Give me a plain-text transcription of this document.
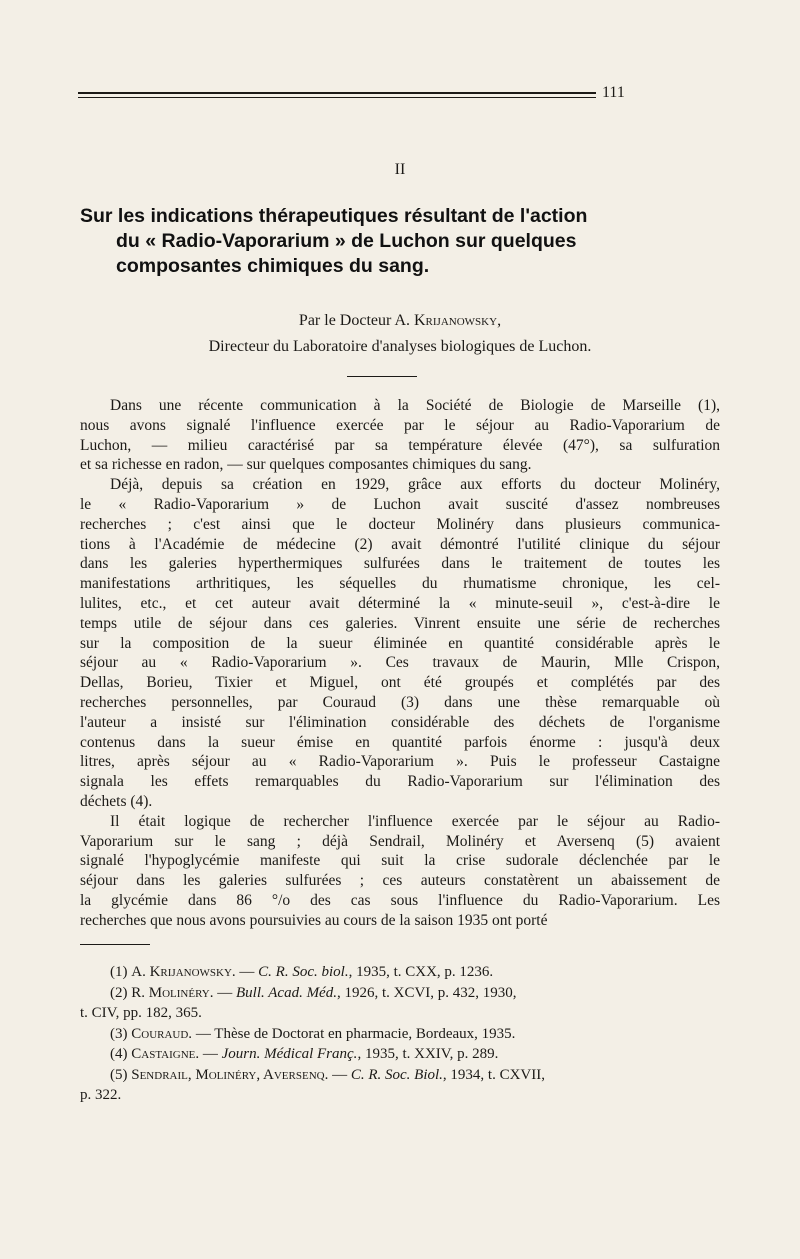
111
II
Sur les indications thérapeutiques résultant de l'action
du « Radio-Vaporarium » de Luchon sur quelques
composantes chimiques du sang.
Par le Docteur A. Krijanowsky,
Directeur du Laboratoire d'analyses biologiques de Luchon.
Dans une récente communication à la Société de Biologie de Marseille (1),
nous avons signalé l'influence exercée par le séjour au Radio-Vaporarium de
Luchon, — milieu caractérisé par sa température élevée (47°), sa sulfuration
et sa richesse en radon, — sur quelques composantes chimiques du sang.
Déjà, depuis sa création en 1929, grâce aux efforts du docteur Molinéry,
le « Radio-Vaporarium » de Luchon avait suscité d'assez nombreuses
recherches ; c'est ainsi que le docteur Molinéry dans plusieurs communica-
tions à l'Académie de médecine (2) avait démontré l'utilité clinique du séjour
dans les galeries hyperthermiques sulfurées dans le traitement de toutes les
manifestations arthritiques, les séquelles du rhumatisme chronique, les cel-
lulites, etc., et cet auteur avait déterminé la « minute-seuil », c'est-à-dire le
temps utile de séjour dans ces galeries. Vinrent ensuite une série de recherches
sur la composition de la sueur éliminée en quantité considérable après le
séjour au « Radio-Vaporarium ». Ces travaux de Maurin, Mlle Crispon,
Dellas, Borieu, Tixier et Miguel, ont été groupés et complétés par des
recherches personnelles, par Couraud (3) dans une thèse remarquable où
l'auteur a insisté sur l'élimination considérable des déchets de l'organisme
contenus dans la sueur émise en quantité parfois énorme : jusqu'à deux
litres, après séjour au « Radio-Vaporarium ». Puis le professeur Castaigne
signala les effets remarquables du Radio-Vaporarium sur l'élimination des
déchets (4).
Il était logique de rechercher l'influence exercée par le séjour au Radio-
Vaporarium sur le sang ; déjà Sendrail, Molinéry et Aversenq (5) avaient
signalé l'hypoglycémie manifeste qui suit la crise sudorale déclenchée par le
séjour dans les galeries sulfurées ; ces auteurs constatèrent un abaissement de
la glycémie dans 86 °/o des cas sous l'influence du Radio-Vaporarium. Les
recherches que nous avons poursuivies au cours de la saison 1935 ont porté
(1) A. Krijanowsky. — C. R. Soc. biol., 1935, t. CXX, p. 1236.
(2) R. Molinéry. — Bull. Acad. Méd., 1926, t. XCVI, p. 432, 1930,
t. CIV, pp. 182, 365.
(3) Couraud. — Thèse de Doctorat en pharmacie, Bordeaux, 1935.
(4) Castaigne. — Journ. Médical Franç., 1935, t. XXIV, p. 289.
(5) Sendrail, Molinéry, Aversenq. — C. R. Soc. Biol., 1934, t. CXVII,
p. 322.
